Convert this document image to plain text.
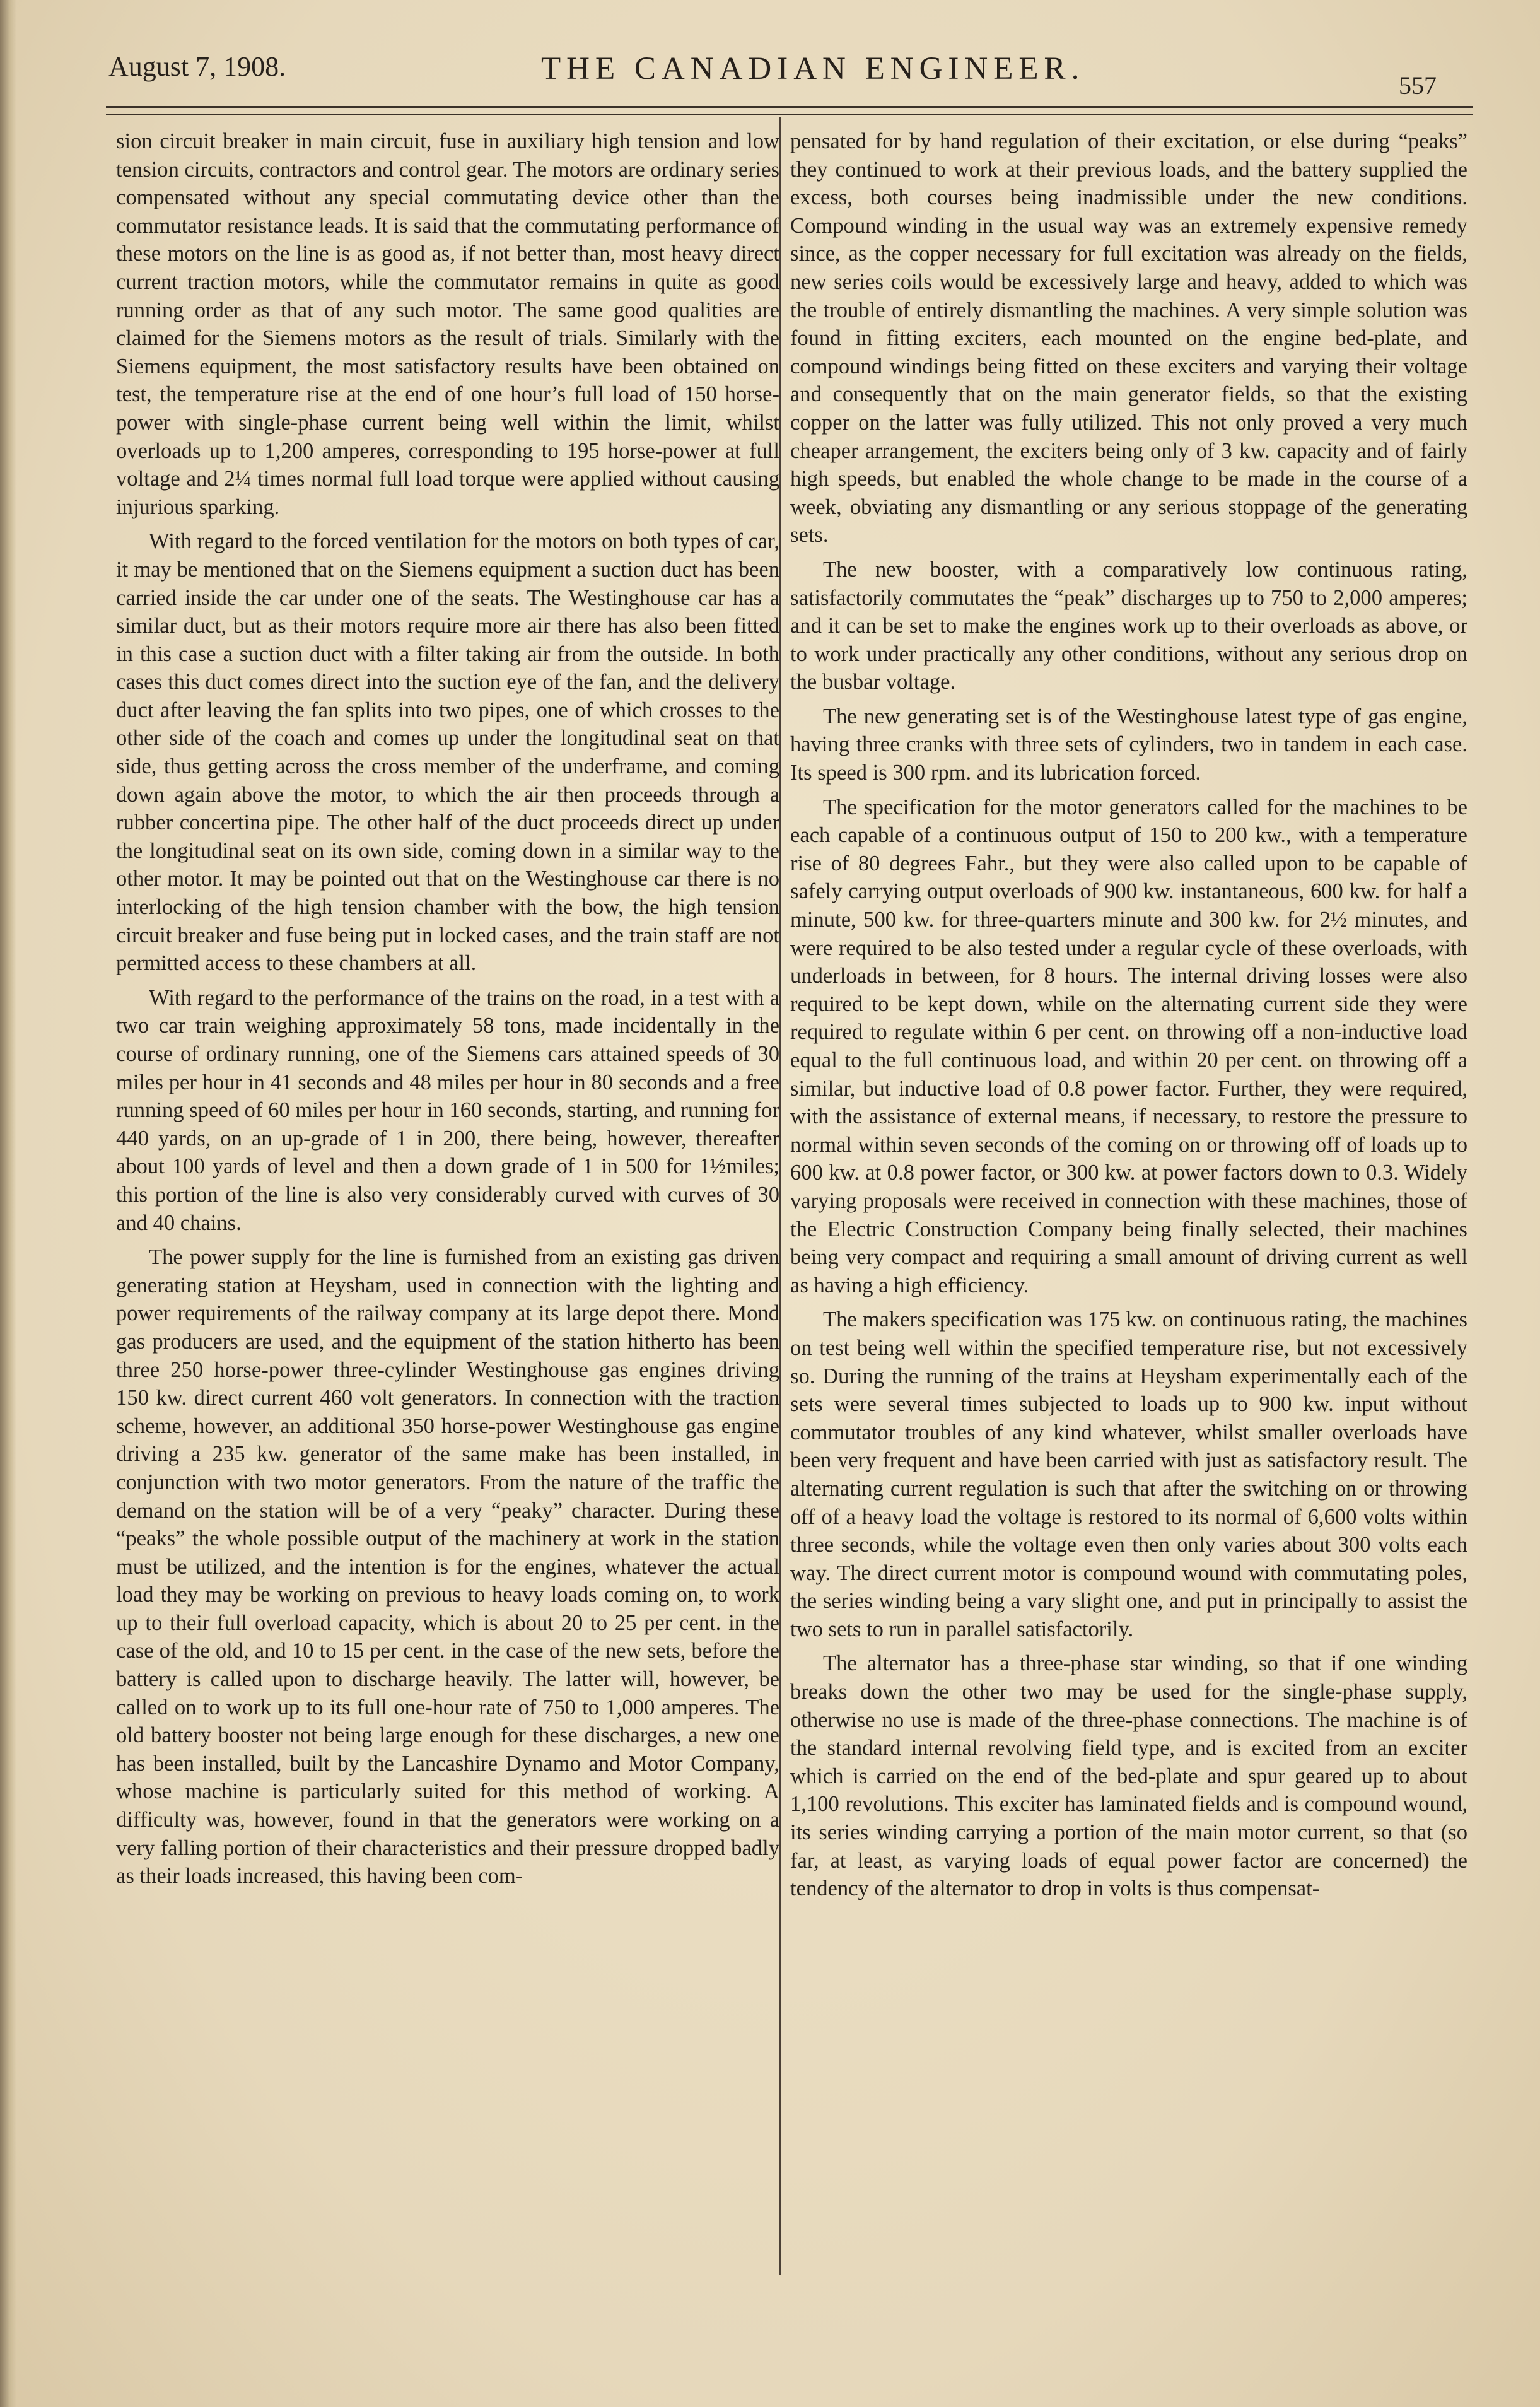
August 7, 1908.	THE CANADIAN ENGINEER.	557

sion circuit breaker in main circuit, fuse in auxiliary high tension and low tension circuits, contractors and control gear. The motors are ordinary series compensated without any special commutating device other than the commutator resistance leads. It is said that the commutating performance of these motors on the line is as good as, if not better than, most heavy direct current traction motors, while the commutator remains in quite as good running order as that of any such motor. The same good qualities are claimed for the Siemens motors as the result of trials. Similarly with the Siemens equipment, the most satisfactory results have been obtained on test, the temperature rise at the end of one hour’s full load of 150 horse-power with single-phase current being well within the limit, whilst overloads up to 1,200 amperes, corresponding to 195 horse-power at full voltage and 2¼ times normal full load torque were applied without causing injurious sparking.

With regard to the forced ventilation for the motors on both types of car, it may be mentioned that on the Siemens equipment a suction duct has been carried inside the car under one of the seats. The Westinghouse car has a similar duct, but as their motors require more air there has also been fitted in this case a suction duct with a filter taking air from the outside. In both cases this duct comes direct into the suction eye of the fan, and the delivery duct after leaving the fan splits into two pipes, one of which crosses to the other side of the coach and comes up under the longitudinal seat on that side, thus getting across the cross member of the underframe, and coming down again above the motor, to which the air then proceeds through a rubber concertina pipe. The other half of the duct proceeds direct up under the longitudinal seat on its own side, coming down in a similar way to the other motor. It may be pointed out that on the Westinghouse car there is no interlocking of the high tension chamber with the bow, the high tension circuit breaker and fuse being put in locked cases, and the train staff are not permitted access to these chambers at all.

With regard to the performance of the trains on the road, in a test with a two car train weighing approximately 58 tons, made incidentally in the course of ordinary running, one of the Siemens cars attained speeds of 30 miles per hour in 41 seconds and 48 miles per hour in 80 seconds and a free running speed of 60 miles per hour in 160 seconds, starting, and running for 440 yards, on an up-grade of 1 in 200, there being, however, thereafter about 100 yards of level and then a down grade of 1 in 500 for 1½miles; this portion of the line is also very considerably curved with curves of 30 and 40 chains.

The power supply for the line is furnished from an existing gas driven generating station at Heysham, used in connection with the lighting and power requirements of the railway company at its large depot there. Mond gas producers are used, and the equipment of the station hitherto has been three 250 horse-power three-cylinder Westinghouse gas engines driving 150 kw. direct current 460 volt generators. In connection with the traction scheme, however, an additional 350 horse-power Westinghouse gas engine driving a 235 kw. generator of the same make has been installed, in conjunction with two motor generators. From the nature of the traffic the demand on the station will be of a very “peaky” character. During these “peaks” the whole possible output of the machinery at work in the station must be utilized, and the intention is for the engines, whatever the actual load they may be working on previous to heavy loads coming on, to work up to their full overload capacity, which is about 20 to 25 per cent. in the case of the old, and 10 to 15 per cent. in the case of the new sets, before the battery is called upon to discharge heavily. The latter will, however, be called on to work up to its full one-hour rate of 750 to 1,000 amperes. The old battery booster not being large enough for these discharges, a new one has been installed, built by the Lancashire Dynamo and Motor Company, whose machine is particularly suited for this method of working. A difficulty was, however, found in that the generators were working on a very falling portion of their characteristics and their pressure dropped badly as their loads increased, this having been com-

pensated for by hand regulation of their excitation, or else during “peaks” they continued to work at their previous loads, and the battery supplied the excess, both courses being inadmissible under the new conditions. Compound winding in the usual way was an extremely expensive remedy since, as the copper necessary for full excitation was already on the fields, new series coils would be excessively large and heavy, added to which was the trouble of entirely dismantling the machines. A very simple solution was found in fitting exciters, each mounted on the engine bed-plate, and compound windings being fitted on these exciters and varying their voltage and consequently that on the main generator fields, so that the existing copper on the latter was fully utilized. This not only proved a very much cheaper arrangement, the exciters being only of 3 kw. capacity and of fairly high speeds, but enabled the whole change to be made in the course of a week, obviating any dismantling or any serious stoppage of the generating sets.

The new booster, with a comparatively low continuous rating, satisfactorily commutates the “peak” discharges up to 750 to 2,000 amperes; and it can be set to make the engines work up to their overloads as above, or to work under practically any other conditions, without any serious drop on the busbar voltage.

The new generating set is of the Westinghouse latest type of gas engine, having three cranks with three sets of cylinders, two in tandem in each case. Its speed is 300 rpm. and its lubrication forced.

The specification for the motor generators called for the machines to be each capable of a continuous output of 150 to 200 kw., with a temperature rise of 80 degrees Fahr., but they were also called upon to be capable of safely carrying output overloads of 900 kw. instantaneous, 600 kw. for half a minute, 500 kw. for three-quarters minute and 300 kw. for 2½ minutes, and were required to be also tested under a regular cycle of these overloads, with underloads in between, for 8 hours. The internal driving losses were also required to be kept down, while on the alternating current side they were required to regulate within 6 per cent. on throwing off a non-inductive load equal to the full continuous load, and within 20 per cent. on throwing off a similar, but inductive load of 0.8 power factor. Further, they were required, with the assistance of external means, if necessary, to restore the pressure to normal within seven seconds of the coming on or throwing off of loads up to 600 kw. at 0.8 power factor, or 300 kw. at power factors down to 0.3. Widely varying proposals were received in connection with these machines, those of the Electric Construction Company being finally selected, their machines being very compact and requiring a small amount of driving current as well as having a high efficiency.

The makers specification was 175 kw. on continuous rating, the machines on test being well within the specified temperature rise, but not excessively so. During the running of the trains at Heysham experimentally each of the sets were several times subjected to loads up to 900 kw. input without commutator troubles of any kind whatever, whilst smaller overloads have been very frequent and have been carried with just as satisfactory result. The alternating current regulation is such that after the switching on or throwing off of a heavy load the voltage is restored to its normal of 6,600 volts within three seconds, while the voltage even then only varies about 300 volts each way. The direct current motor is compound wound with commutating poles, the series winding being a vary slight one, and put in principally to assist the two sets to run in parallel satisfactorily.

The alternator has a three-phase star winding, so that if one winding breaks down the other two may be used for the single-phase supply, otherwise no use is made of the three-phase connections. The machine is of the standard internal revolving field type, and is excited from an exciter which is carried on the end of the bed-plate and spur geared up to about 1,100 revolutions. This exciter has laminated fields and is compound wound, its series winding carrying a portion of the main motor current, so that (so far, at least, as varying loads of equal power factor are concerned) the tendency of the alternator to drop in volts is thus compensat-
